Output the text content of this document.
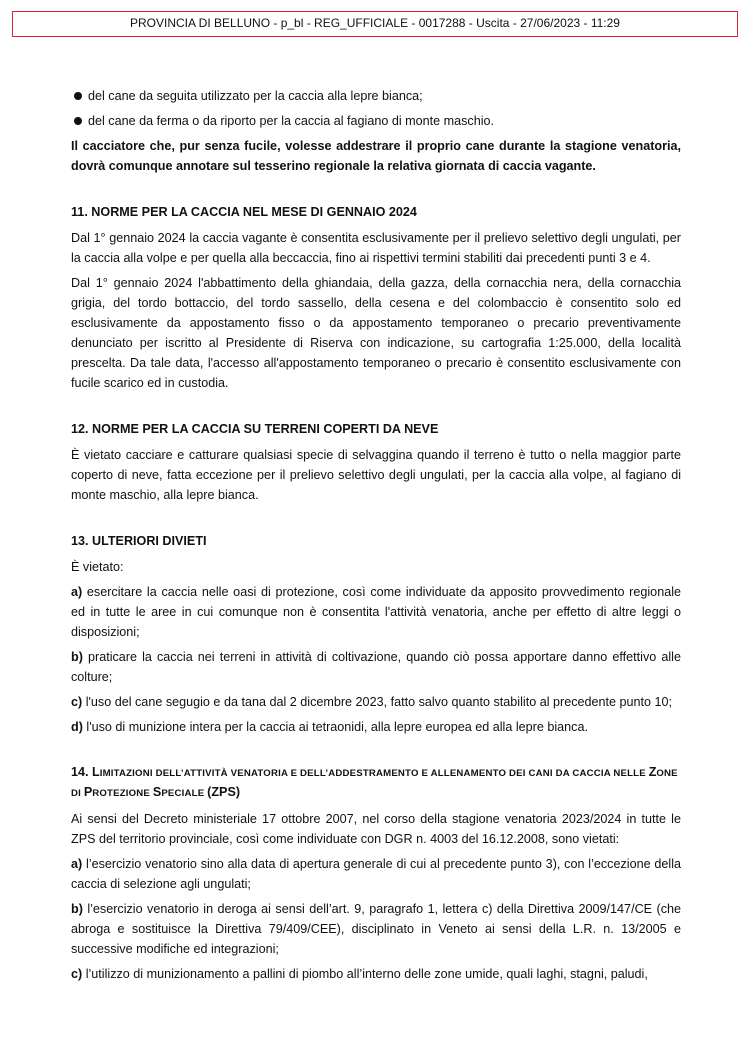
PROVINCIA DI BELLUNO - p_bl - REG_UFFICIALE - 0017288 - Uscita - 27/06/2023 - 11:29
del cane da seguita utilizzato per la caccia alla lepre bianca;
del cane da ferma o da riporto per la caccia al fagiano di monte maschio.

Il cacciatore che, pur senza fucile, volesse addestrare il proprio cane durante la stagione venatoria, dovrà comunque annotare sul tesserino regionale la relativa giornata di caccia vagante.

11. NORME PER LA CACCIA NEL MESE DI GENNAIO 2024

Dal 1° gennaio 2024 la caccia vagante è consentita esclusivamente per il prelievo selettivo degli ungulati, per la caccia alla volpe e per quella alla beccaccia, fino ai rispettivi termini stabiliti dai precedenti punti 3 e 4.

Dal 1° gennaio 2024 l'abbattimento della ghiandaia, della gazza, della cornacchia nera, della cornacchia grigia, del tordo bottaccio, del tordo sassello, della cesena e del colombaccio è consentito solo ed esclusivamente da appostamento fisso o da appostamento temporaneo o precario preventivamente denunciato per iscritto al Presidente di Riserva con indicazione, su cartografia 1:25.000, della località prescelta. Da tale data, l'accesso all'appostamento temporaneo o precario è consentito esclusivamente con fucile scarico ed in custodia.

12. NORME PER LA CACCIA SU TERRENI COPERTI DA NEVE

È vietato cacciare e catturare qualsiasi specie di selvaggina quando il terreno è tutto o nella maggior parte coperto di neve, fatta eccezione per il prelievo selettivo degli ungulati, per la caccia alla volpe, al fagiano di monte maschio, alla lepre bianca.

13. ULTERIORI DIVIETI

È vietato:

a) esercitare la caccia nelle oasi di protezione, così come individuate da apposito provvedimento regionale ed in tutte le aree in cui comunque non è consentita l'attività venatoria, anche per effetto di altre leggi o disposizioni;

b) praticare la caccia nei terreni in attività di coltivazione, quando ciò possa apportare danno effettivo alle colture;

c) l'uso del cane segugio e da tana dal 2 dicembre 2023, fatto salvo quanto stabilito al precedente punto 10;

d) l'uso di munizione intera per la caccia ai tetraonidi, alla lepre europea ed alla lepre bianca.

14. LIMITAZIONI DELL’ATTIVITÀ VENATORIA E DELL’ADDESTRAMENTO E ALLENAMENTO DEI CANI DA CACCIA NELLE ZONE DI PROTEZIONE SPECIALE (ZPS)

Ai sensi del Decreto ministeriale 17 ottobre 2007, nel corso della stagione venatoria 2023/2024 in tutte le ZPS del territorio provinciale, così come individuate con DGR n. 4003 del 16.12.2008, sono vietati:

a) l’esercizio venatorio sino alla data di apertura generale di cui al precedente punto 3), con l’eccezione della caccia di selezione agli ungulati;

b) l’esercizio venatorio in deroga ai sensi dell’art. 9, paragrafo 1, lettera c) della Direttiva 2009/147/CE (che abroga e sostituisce la Direttiva 79/409/CEE), disciplinato in Veneto ai sensi della L.R. n. 13/2005 e successive modifiche ed integrazioni;

c) l’utilizzo di munizionamento a pallini di piombo all’interno delle zone umide, quali laghi, stagni, paludi,
